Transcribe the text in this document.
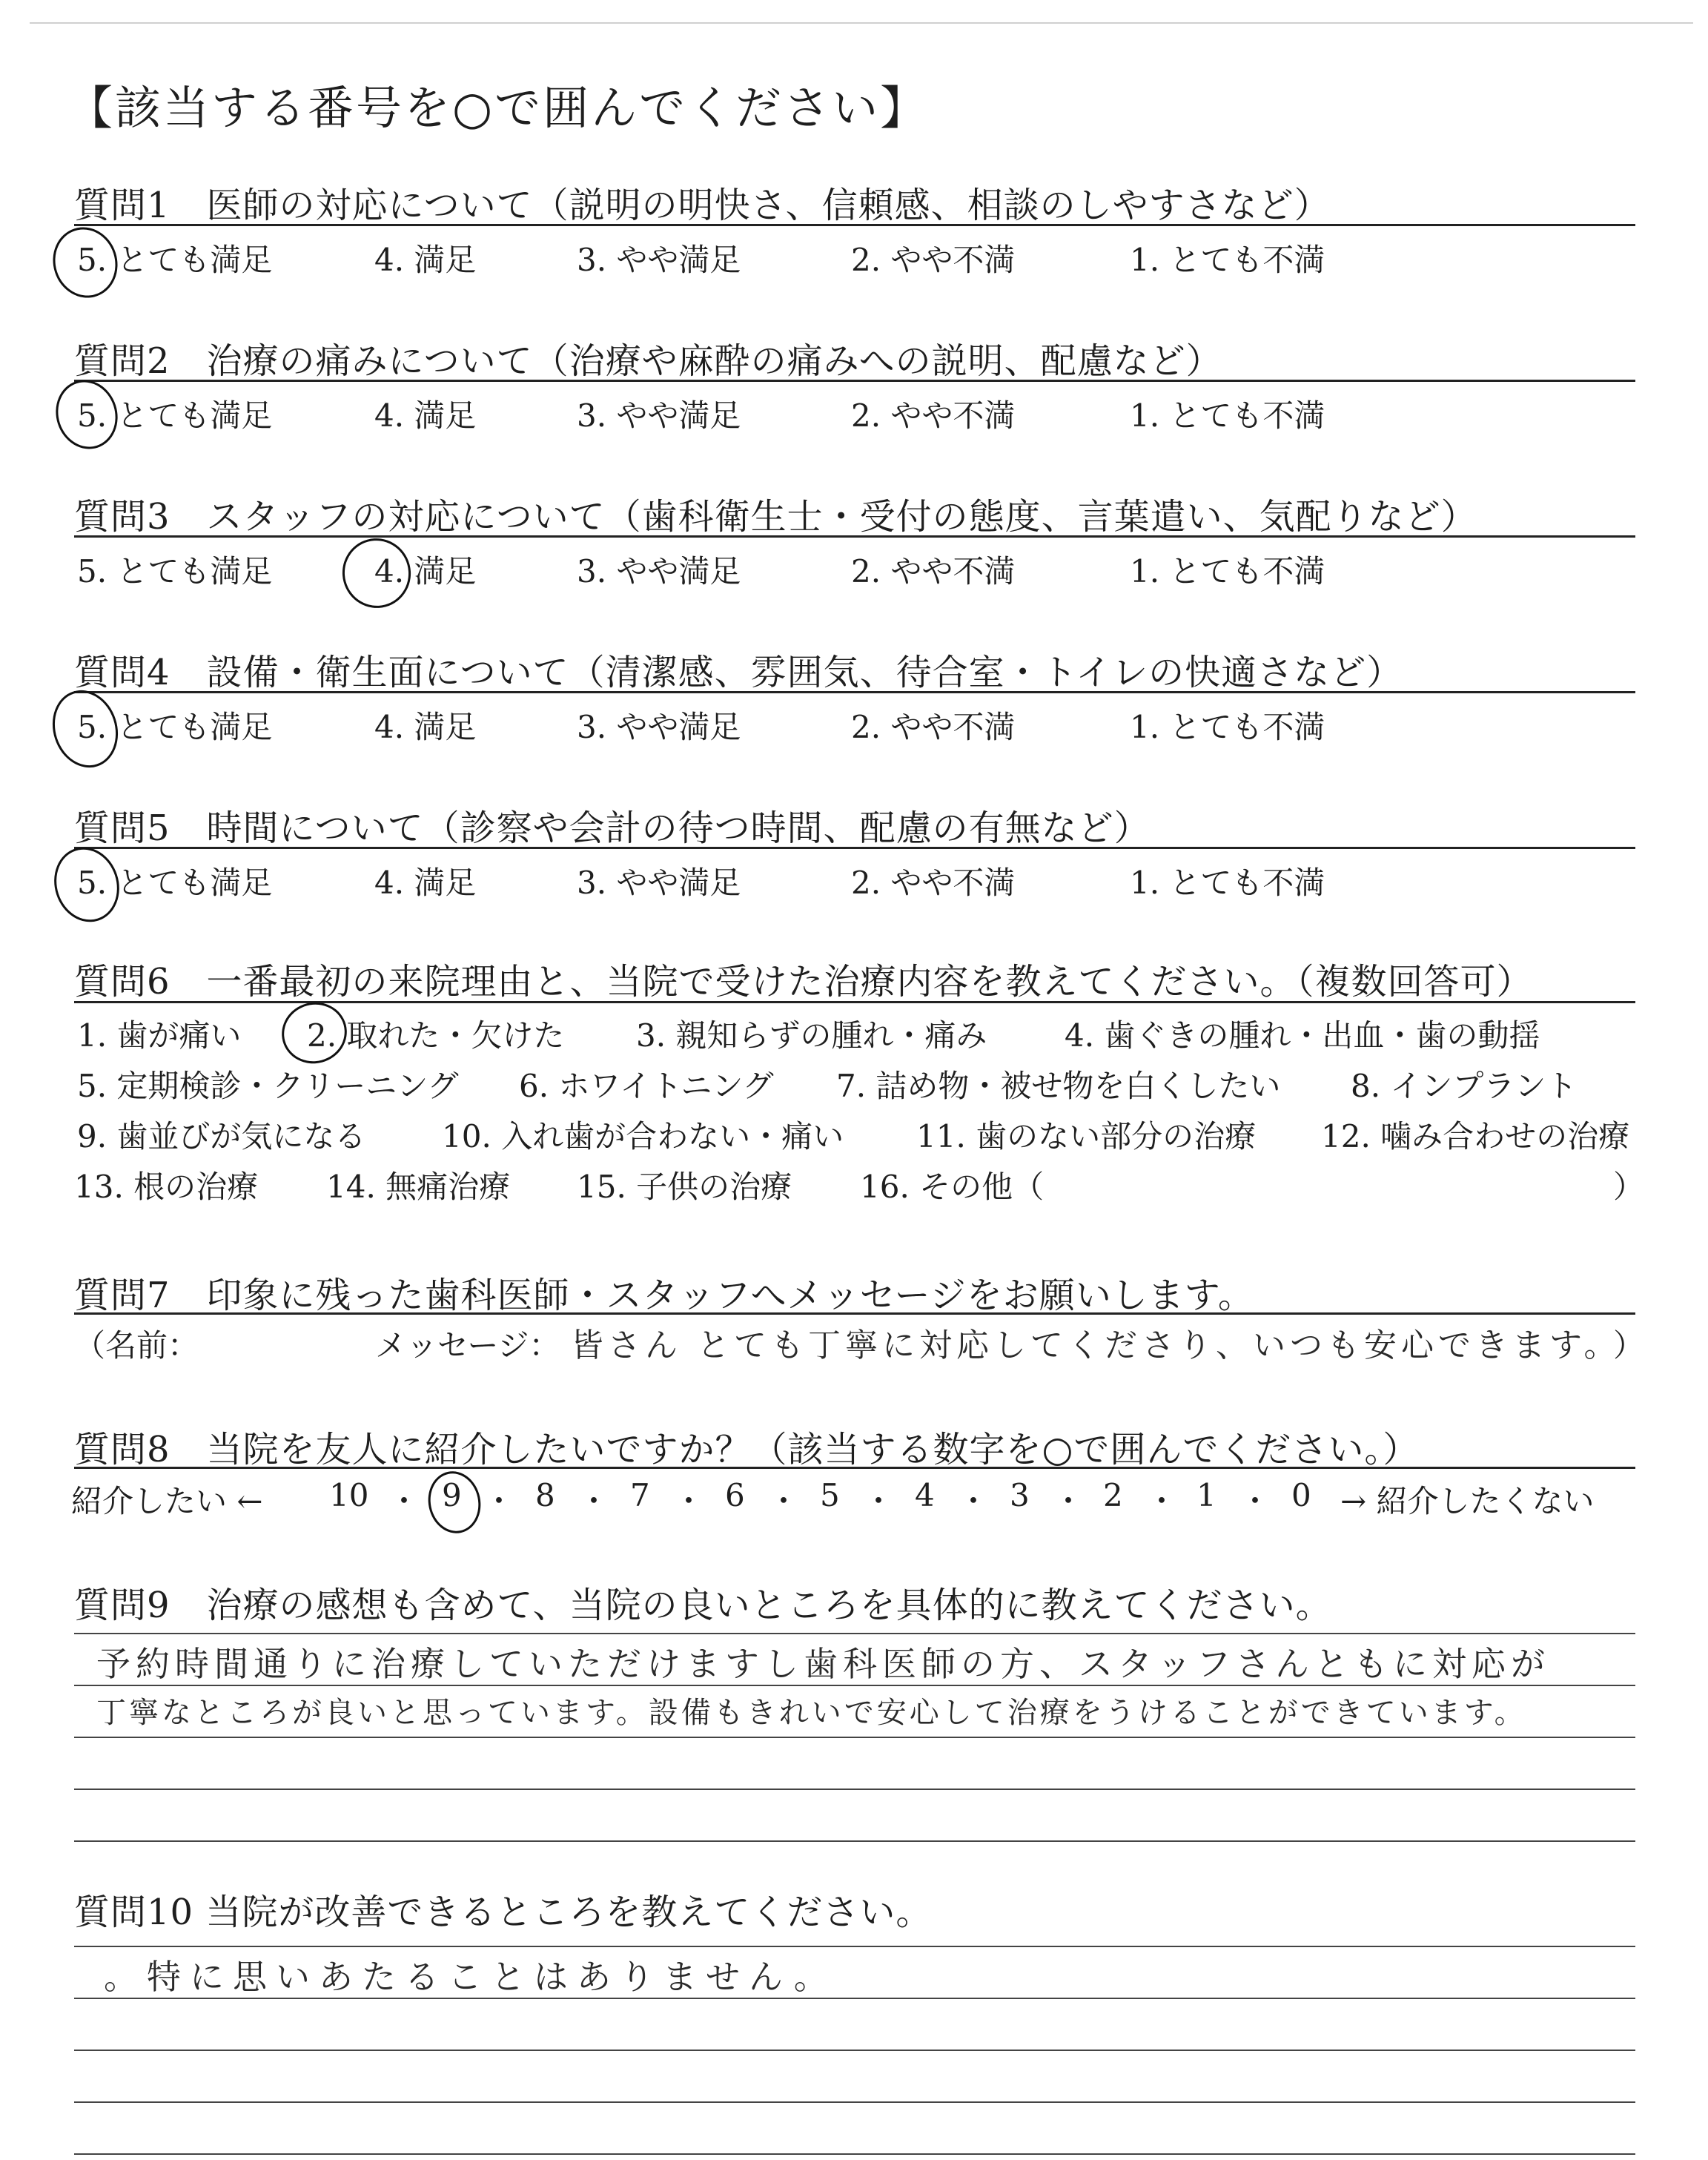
【該当する番号を○で囲んでください】
質問1　医師の対応について（説明の明快さ、信頼感、相談のしやすさなど）
5. とても満足	4. 満足	3. やや満足	2. やや不満	1. とても不満
質問2　治療の痛みについて（治療や麻酔の痛みへの説明、配慮など）
5. とても満足	4. 満足	3. やや満足	2. やや不満	1. とても不満
質問3　スタッフの対応について（歯科衛生士・受付の態度、言葉遣い、気配りなど）
5. とても満足	4. 満足	3. やや満足	2. やや不満	1. とても不満
質問4　設備・衛生面について（清潔感、雰囲気、待合室・トイレの快適さなど）
5. とても満足	4. 満足	3. やや満足	2. やや不満	1. とても不満
質問5　時間について（診察や会計の待つ時間、配慮の有無など）
5. とても満足	4. 満足	3. やや満足	2. やや不満	1. とても不満
質問6　一番最初の来院理由と、当院で受けた治療内容を教えてください。（複数回答可）
1. 歯が痛い 2. 取れた・欠けた 3. 親知らずの腫れ・痛み 4. 歯ぐきの腫れ・出血・歯の動揺
5. 定期検診・クリーニング 6. ホワイトニング 7. 詰め物・被せ物を白くしたい 8. インプラント
9. 歯並びが気になる 10. 入れ歯が合わない・痛い 11. 歯のない部分の治療 12. 噛み合わせの治療
13. 根の治療 14. 無痛治療 15. 子供の治療 16. その他（	）
質問7　印象に残った歯科医師・スタッフへメッセージをお願いします。
（名前：	メッセージ： 皆さん とても丁寧に対応してくださり、いつも安心できます。
）
質問8　当院を友人に紹介したいですか？（該当する数字を○で囲んでください。）
紹介したい ← 10 ・ 9 ・ 8 ・ 7 ・ 6 ・ 5 ・ 4 ・ 3 ・ 2 ・ 1 ・ 0 → 紹介したくない
質問9　治療の感想も含めて、当院の良いところを具体的に教えてください。
予約時間通りに治療していただけますし歯科医師の方、スタッフさんともに対応が
丁寧なところが良いと思っています。設備もきれいで安心して治療をうけることができています。
質問10 当院が改善できるところを教えてください。
。特に思いあたることはありません。
